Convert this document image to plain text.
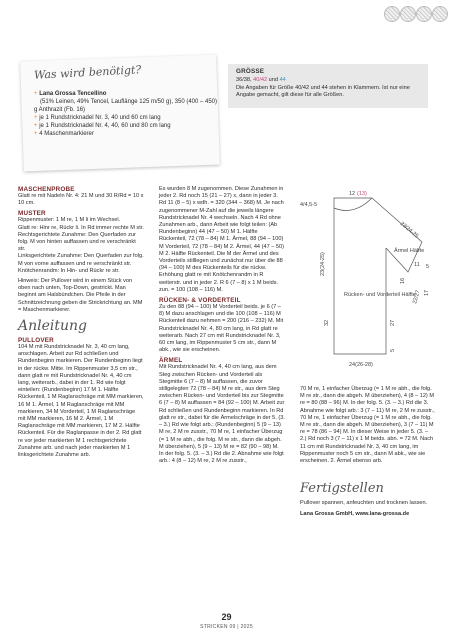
Was wird benötigt?
+ Lana Grossa Tencellino
(51% Leinen, 49% Tencel, Lauflänge 125 m/50 g), 350 (400 – 450) g Anthrazit (Fb. 16)
+ je 1 Rundstricknadel Nr. 3, 40 und 60 cm lang
+ je 1 Rundstricknadel Nr. 4, 40, 60 und 80 cm lang
+ 4 Maschenmarkierer
GRÖSSE
36/38, 40/42 und 44
Die Angaben für Größe 40/42 und 44 stehen in Klammern. Ist nur eine Angabe gemacht, gilt diese für alle Größen.
MASCHENPROBE
Glatt re mit Nadeln Nr. 4: 21 M und 30 R/Rd = 10 x 10 cm.
MUSTER
Rippenmuster: 1 M re, 1 M li im Wechsel.
Glatt re: Hinr re, Rückr li. In Rd immer rechte M str.
Rechtsgerichtete Zunahme: Den Querfaden zur folg. M von hinten auffassen und re verschränkt str.
Linksgerichtete Zunahme: Den Querfaden zur folg. M von vorne auffassen und re verschränkt str.
Knötchenrandm: In Hin- und Rückr re str.
Hinweis: Der Pullover wird in einem Stück von oben nach unten, Top-Down, gestrickt. Man beginnt am Halsbündchen. Die Pfeile in der Schnittzeichnung geben die Strickrichtung an. MM = Maschenmarkierer.
Anleitung
PULLOVER
104 M mit Rundstricknadel Nr. 3, 40 cm lang, anschlagen. Arbeit zur Rd schließen und Rundenbeginn markieren. Der Rundenbeginn liegt in der rückw. Mitte. Im Rippenmuster 3,5 cm str., dann glatt re mit Rundstricknadel Nr. 4, 40 cm lang, weiterarb., dabei in der 1. Rd wie folgt einteilen: (Rundenbeginn) 17 M 1. Hälfte Rückenteil, 1 M Raglanschräge mit MM markieren, 16 M 1. Ärmel, 1 M Raglanschräge mit MM markieren, 34 M Vorderteil, 1 M Raglanschräge mit MM markieren, 16 M 2. Ärmel, 1 M Raglanschräge mit MM markieren, 17 M 2. Hälfte Rückenteil. Für die Raglanpasse in der 2. Rd glatt re vor jeder markierten M 1 rechtsgerichtete Zunahme arb. und nach jeder markierten M 1 linksgerichtete Zunahme arb.
Es wurden 8 M zugenommen. Diese Zunahmen in jeder 2. Rd noch 15 (21 – 27) x, dann in jeder 3. Rd 11 (8 – 5) x wdh. = 320 (344 – 368) M. Je nach zugenommener M-Zahl auf die jeweils längere Rundstricknadel Nr. 4 wechseln. Nach 4 Rd ohne Zunahmen arb., dann Arbeit wie folgt teilen: (Ab Rundenbeginn) 44 (47 – 50) M 1. Hälfte Rückenteil, 72 (78 – 84) M 1. Ärmel, 88 (94 – 100) M Vorderteil, 72 (78 – 84) M 2. Ärmel, 44 (47 – 50) M 2. Hälfte Rückenteil. Die M der Ärmel und des Vorderteils stilllegen und zunächst nur über die 88 (94 – 100) M des Rückenteils für die rückw. Erhöhung glatt re mit Knötchenrandm in R weiterstr. und in jeder 2. R 6 (7 – 8) x 1 M beids. zun. = 100 (108 – 116) M.
RÜCKEN- & VORDERTEIL
Zu den 88 (94 – 100) M Vorderteil beids. je 6 (7 – 8) M dazu anschlagen und die 100 (108 – 116) M Rückenteil dazu nehmen = 200 (216 – 232) M. Mit Rundstricknadel Nr. 4, 80 cm lang, in Rd glatt re weiterarb. Nach 27 cm mit Rundstricknadel Nr. 3, 60 cm lang, im Rippenmuster 5 cm str., dann M abk., wie sie erscheinen.
ÄRMEL
Mit Rundstricknadel Nr. 4, 40 cm lang, aus dem Steg zwischen Rücken- und Vorderteil als Stegmitte 6 (7 – 8) M auffassen, die zuvor stillgelegten 72 (78 – 84) M re str., aus dem Steg zwischen Rücken- und Vorderteil bis zur Stegmitte 6 (7 – 8) M auffassen = 84 (92 – 100) M. Arbeit zur Rd schließen und Rundenbeginn markieren. In Rd glatt re str., dabei für die Ärmelschräge in der 5. (3. – 3.) Rd wie folgt arb.: (Rundenbeginn) 5 (9 – 13) M re, 2 M re zusstr., 70 M re, 1 einfacher Überzug (= 1 M re abh., die folg. M re str., dann die abgeh. M überziehen), 5 (9 – 13) M re = 82 (90 – 98) M. In der folg. 5. (3. – 3.) Rd die 2. Abnahme wie folgt arb.: 4 (8 – 12) M re, 2 M re zusstr.,
70 M re, 1 einfacher Überzug (= 1 M re abh., die folg. M re str., dann die abgeh. M überziehen), 4 (8 – 12) M re = 80 (88 – 96) M. In der folg. 5. (3. – 3.) Rd die 3. Abnahme wie folgt arb.: 3 (7 – 11) M re, 2 M re zusstr., 70 M re, 1 einfacher Überzug (= 1 M re abh., die folg. M re str., dann die abgeh. M überziehen), 3 (7 – 11) M re = 78 (86 – 94) M. In dieser Weise in jeder 5. (3. – 2.) Rd noch 3 (7 – 11) x 1 M beids. abn. = 72 M. Nach 11 cm mit Rundstricknadel Nr. 3, 40 cm lang, im Rippenmuster noch 5 cm str., dann M abk., wie sie erscheinen. 2. Ärmel ebenso arb.
Fertigstellen
Pullover spannen, anfeuchten und trocknen lassen.
Lana Grossa GmbH, www.lana-grossa.de
12 (13)
4/4,5-5
23/24-25
23(24-25)	11 5
17
22/27
16
Ärmel Hälfte
Rücken- und Vorderteil Hälfte
32	27
5
24(26-28)
29
STRICKEN 09 | 2025
